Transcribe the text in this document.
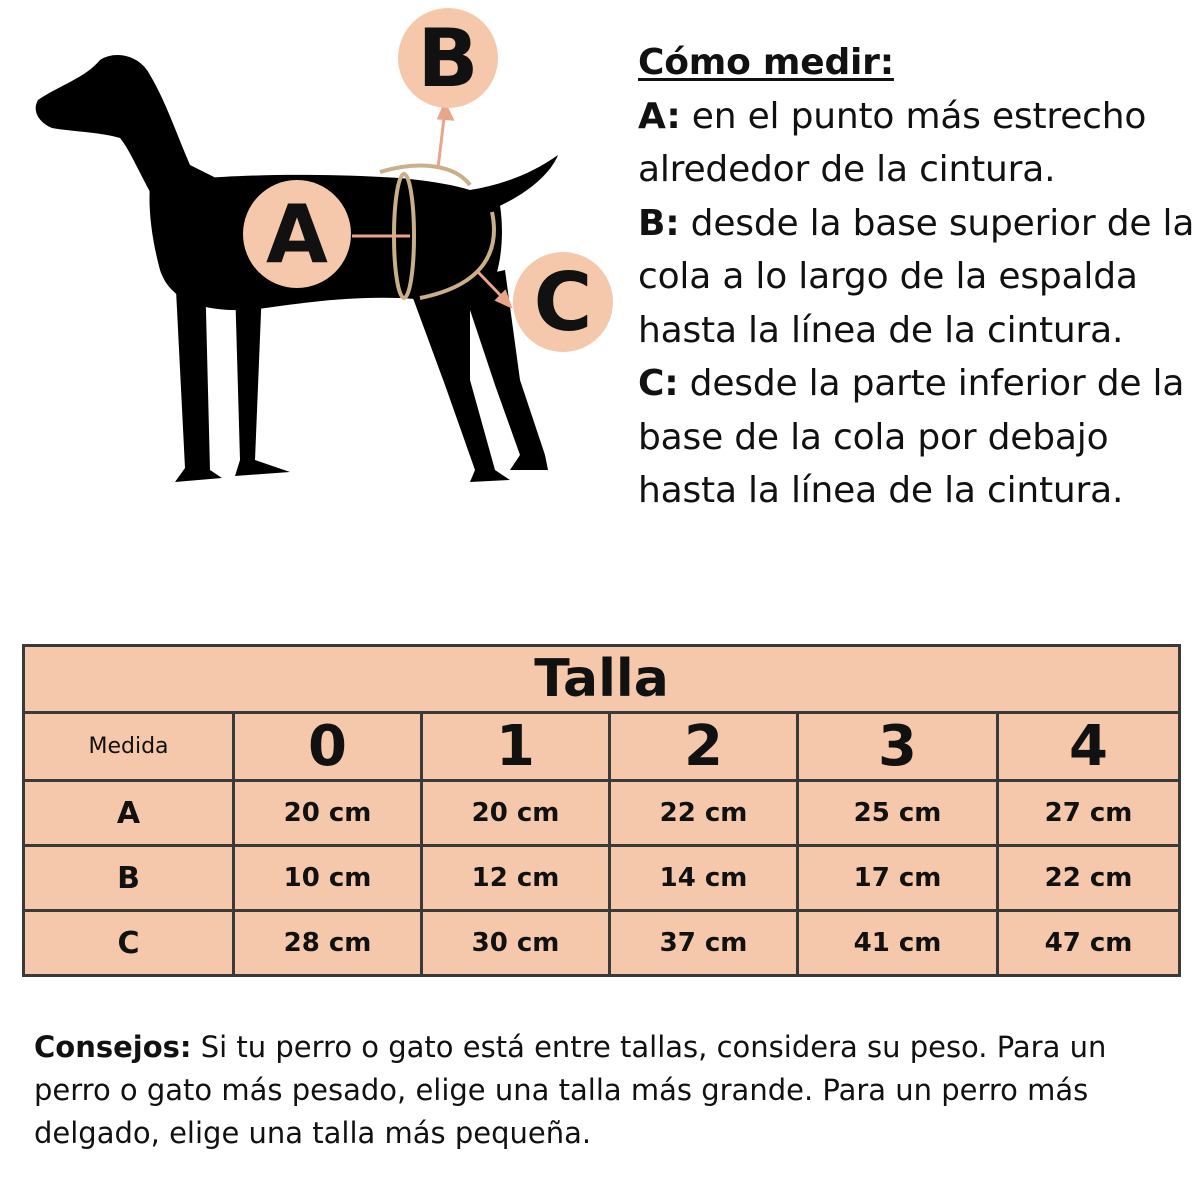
A
B
C

Cómo medir:

A: en el punto más estrecho alrededor de la cintura.

B: desde la base superior de la cola a lo largo de la espalda hasta la línea de la cintura.

C: desde la parte inferior de la base de la cola por debajo hasta la línea de la cintura.

Talla					
Medida	0	1	2	3	4
A	20 cm	20 cm	22 cm	25 cm	27 cm
B	10 cm	12 cm	14 cm	17 cm	22 cm
C	28 cm	30 cm	37 cm	41 cm	47 cm

Consejos: Si tu perro o gato está entre tallas, considera su peso. Para un perro o gato más pesado, elige una talla más grande. Para un perro más delgado, elige una talla más pequeña.
